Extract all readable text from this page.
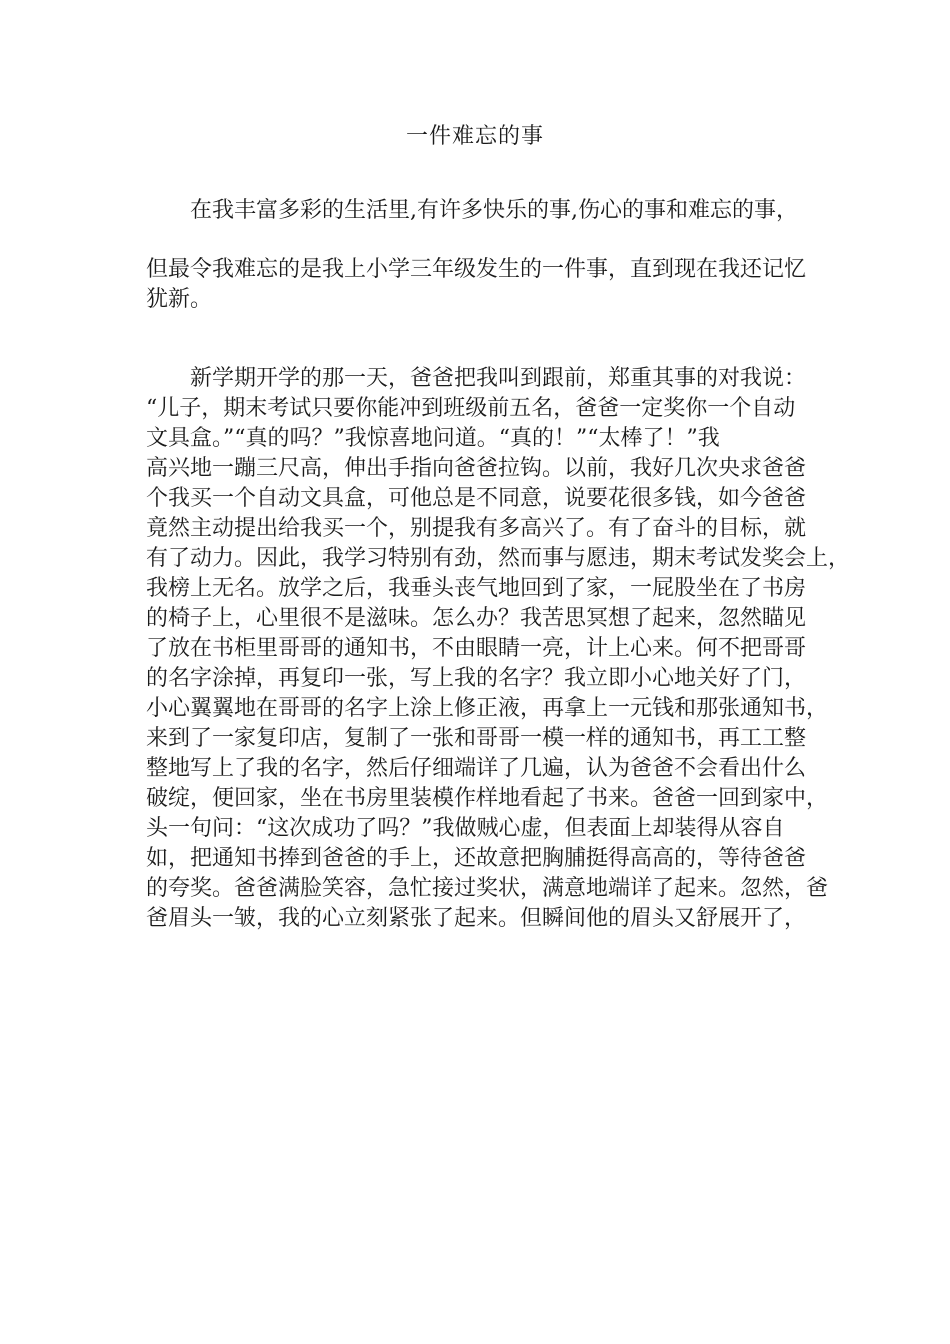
一件难忘的事
　　在我丰富多彩的生活里,有许多快乐的事,伤心的事和难忘的事，
但最令我难忘的是我上小学三年级发生的一件事，直到现在我还记忆
犹新。
　　新学期开学的那一天，爸爸把我叫到跟前，郑重其事的对我说：
“儿子，期末考试只要你能冲到班级前五名，爸爸一定奖你一个自动
文具盒。”“真的吗？”我惊喜地问道。“真的！”“太棒了！”我
高兴地一蹦三尺高，伸出手指向爸爸拉钩。以前，我好几次央求爸爸
个我买一个自动文具盒，可他总是不同意，说要花很多钱，如今爸爸
竟然主动提出给我买一个，别提我有多高兴了。有了奋斗的目标，就
有了动力。因此，我学习特别有劲，然而事与愿违，期末考试发奖会上，
我榜上无名。放学之后，我垂头丧气地回到了家，一屁股坐在了书房
的椅子上，心里很不是滋味。怎么办？我苦思冥想了起来，忽然瞄见
了放在书柜里哥哥的通知书，不由眼睛一亮，计上心来。何不把哥哥
的名字涂掉，再复印一张，写上我的名字？我立即小心地关好了门，
小心翼翼地在哥哥的名字上涂上修正液，再拿上一元钱和那张通知书，
来到了一家复印店，复制了一张和哥哥一模一样的通知书，再工工整
整地写上了我的名字，然后仔细端详了几遍，认为爸爸不会看出什么
破绽，便回家，坐在书房里装模作样地看起了书来。爸爸一回到家中，
头一句问：“这次成功了吗？”我做贼心虚，但表面上却装得从容自
如，把通知书捧到爸爸的手上，还故意把胸脯挺得高高的，等待爸爸
的夸奖。爸爸满脸笑容，急忙接过奖状，满意地端详了起来。忽然，爸
爸眉头一皱，我的心立刻紧张了起来。但瞬间他的眉头又舒展开了，
